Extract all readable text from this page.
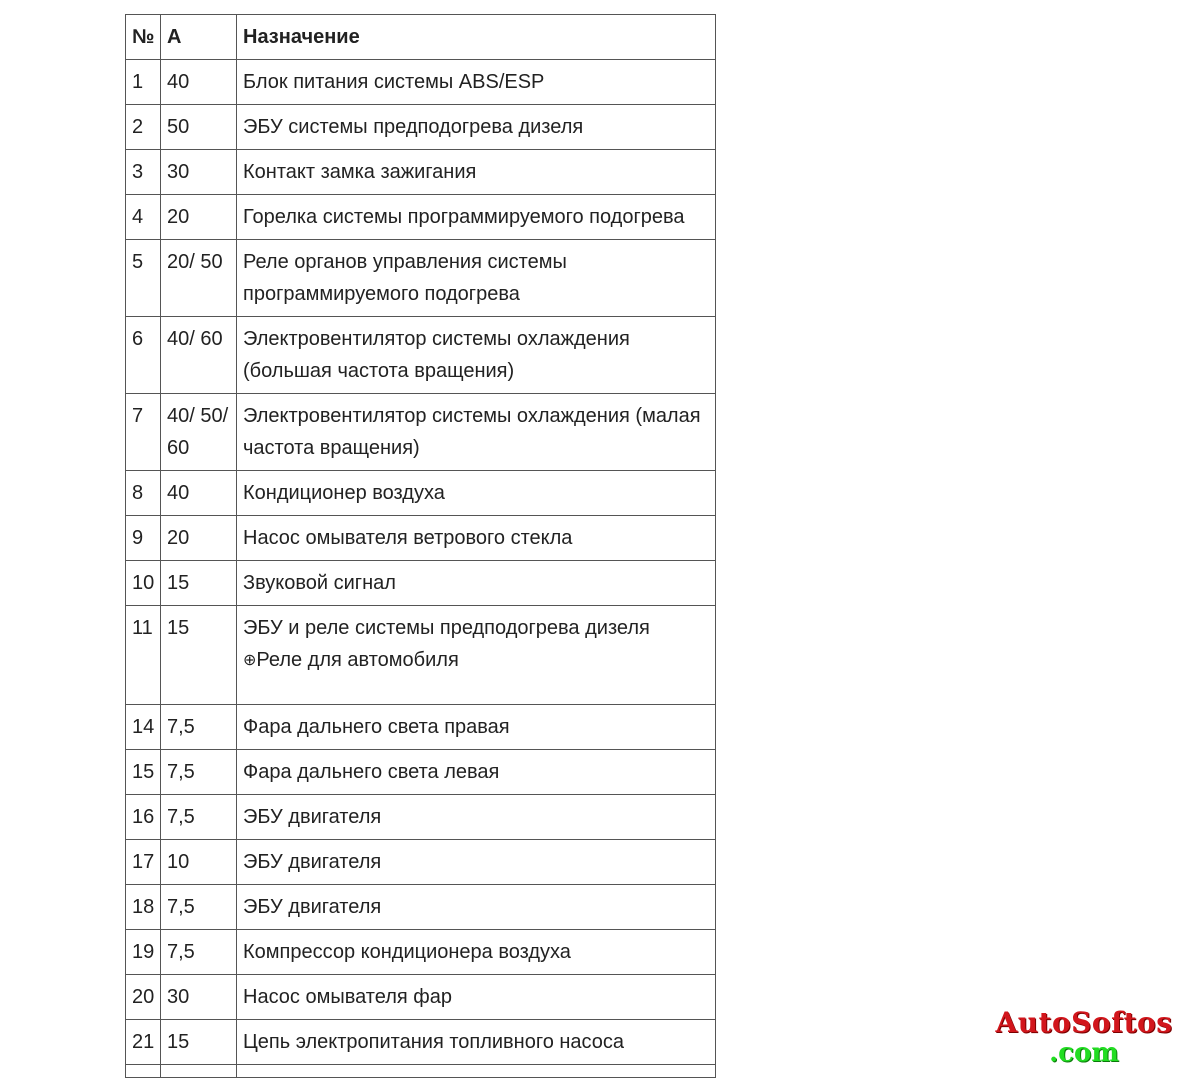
№	А	Назначение
1	40	Блок питания системы ABS/ESP
2	50	ЭБУ системы предподогрева дизеля
3	30	Контакт замка зажигания
4	20	Горелка системы программируемого подогрева
5	20/ 50	Реле органов управления системы программируемого подогрева
6	40/ 60	Электровентилятор системы охлаждения (большая частота вращения)
7	40/ 50/ 60	Электровентилятор системы охлаждения (малая частота вращения)
8	40	Кондиционер воздуха
9	20	Насос омывателя ветрового стекла
10	15	Звуковой сигнал
11	15	ЭБУ и реле системы предподогрева дизеля
⊕Реле для автомобиля

14	7,5	Фара дальнего света правая
15	7,5	Фара дальнего света левая
16	7,5	ЭБУ двигателя
17	10	ЭБУ двигателя
18	7,5	ЭБУ двигателя
19	7,5	Компрессор кондиционера воздуха
20	30	Насос омывателя фар
21	15	Цепь электропитания топливного насоса

AutoSoftos
.com
